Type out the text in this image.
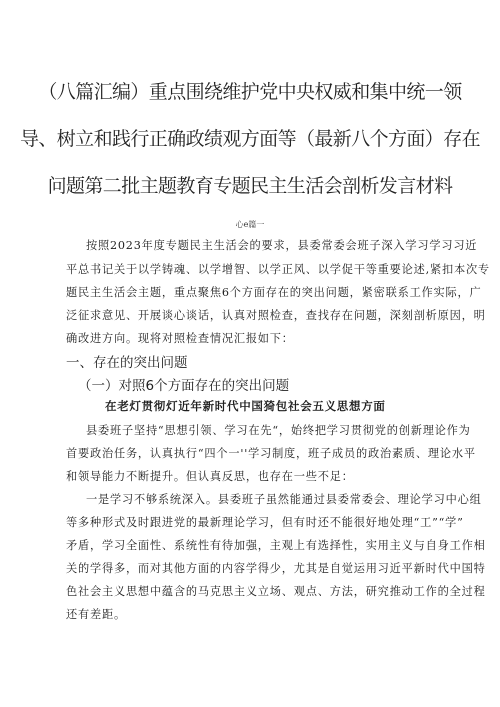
（八篇汇编）重点围绕维护党中央权威和集中统一领
导、树立和践行正确政绩观方面等（最新八个方面）存在
问题第二批主题教育专题民主生活会剖析发言材料
心e篇一
按照2023年度专题民主生活会的要求，县委常委会班子深入学习学习习近
平总书记关于以学铸魂、以学增智、以学正风、以学促干等重要论述,紧扣本次专
题民主生活会主题，重点聚焦6个方面存在的突出问题，紧密联系工作实际，广
泛征求意见、开展谈心谈话，认真对照检查，查找存在问题，深刻剖析原因，明
确改进方向。现将对照检查情况汇报如下：
一、存在的突出问题
（一）对照6个方面存在的突出问题
在老灯贯彻灯近年新时代中国猗包社会五义思想方面
县委班子坚持“思想引领、学习在先“，始终把学习贯彻党的创新理论作为
首要政治任务，认真执行“四个一''学习制度，班子成员的政治素质、理论水平
和领导能力不断提升。但认真反思，也存在一些不足：
一是学习不够系统深入。县委班子虽然能通过县委常委会、理论学习中心组
等多种形式及时跟进党的最新理论学习，但有时还不能很好地处理“工”“学”
矛盾，学习全面性、系统性有待加强，主观上有选择性，实用主义与自身工作相
关的学得多，而对其他方面的内容学得少，尤其是自觉运用习近平新时代中国特
色社会主义思想中蕴含的马克思主义立场、观点、方法，研究推动工作的全过程
还有差距。
